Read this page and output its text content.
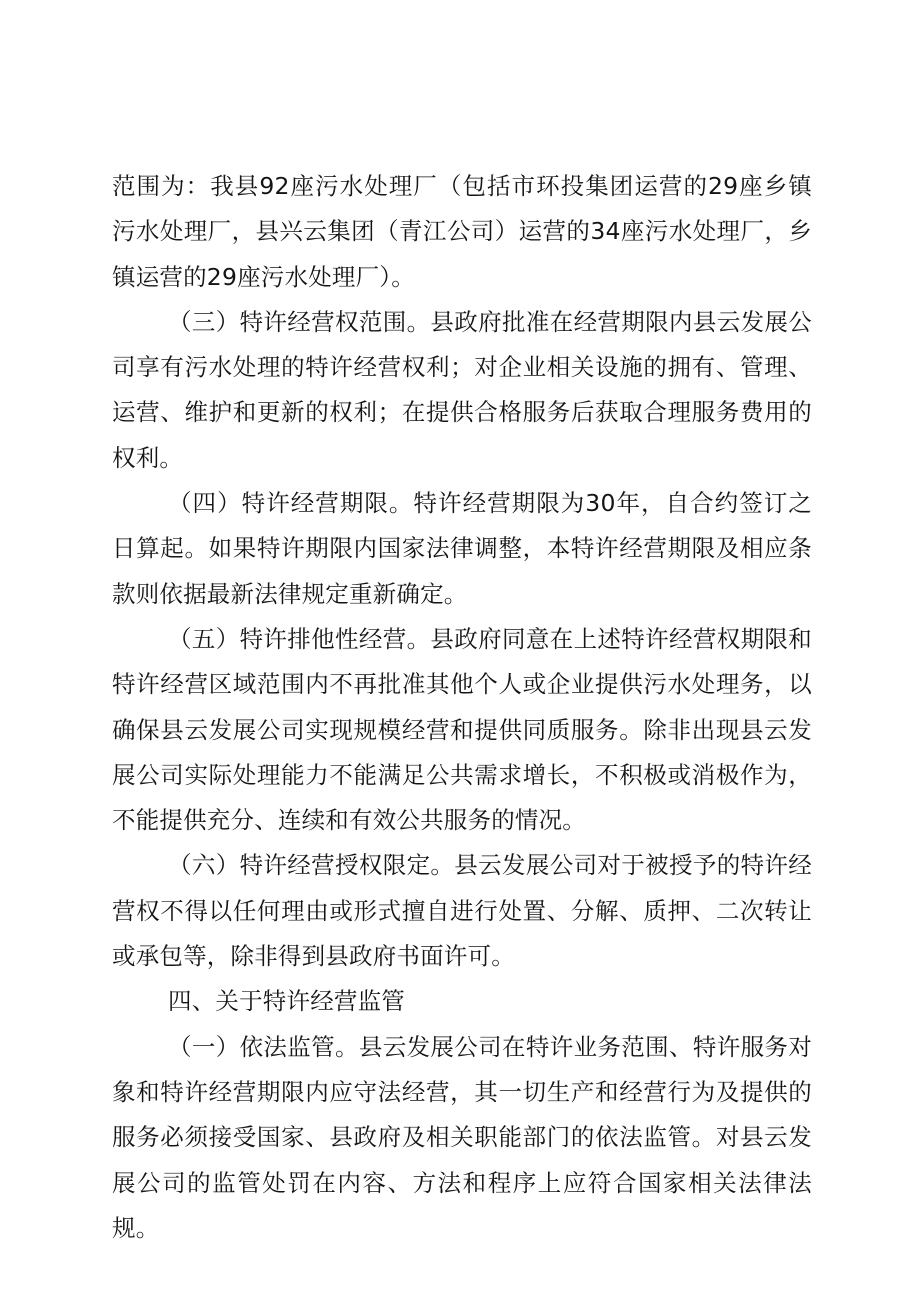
范围为：我县92座污水处理厂（包括市环投集团运营的29座乡镇污水处理厂，县兴云集团（青江公司）运营的34座污水处理厂，乡镇运营的29座污水处理厂）。

（三）特许经营权范围。县政府批准在经营期限内县云发展公司享有污水处理的特许经营权利；对企业相关设施的拥有、管理、运营、维护和更新的权利；在提供合格服务后获取合理服务费用的权利。

（四）特许经营期限。特许经营期限为30年，自合约签订之日算起。如果特许期限内国家法律调整，本特许经营期限及相应条款则依据最新法律规定重新确定。

（五）特许排他性经营。县政府同意在上述特许经营权期限和特许经营区域范围内不再批准其他个人或企业提供污水处理务，以确保县云发展公司实现规模经营和提供同质服务。除非出现县云发展公司实际处理能力不能满足公共需求增长，不积极或消极作为，不能提供充分、连续和有效公共服务的情况。

（六）特许经营授权限定。县云发展公司对于被授予的特许经营权不得以任何理由或形式擅自进行处置、分解、质押、二次转让或承包等，除非得到县政府书面许可。

四、关于特许经营监管

（一）依法监管。县云发展公司在特许业务范围、特许服务对象和特许经营期限内应守法经营，其一切生产和经营行为及提供的服务必须接受国家、县政府及相关职能部门的依法监管。对县云发展公司的监管处罚在内容、方法和程序上应符合国家相关法律法规。
